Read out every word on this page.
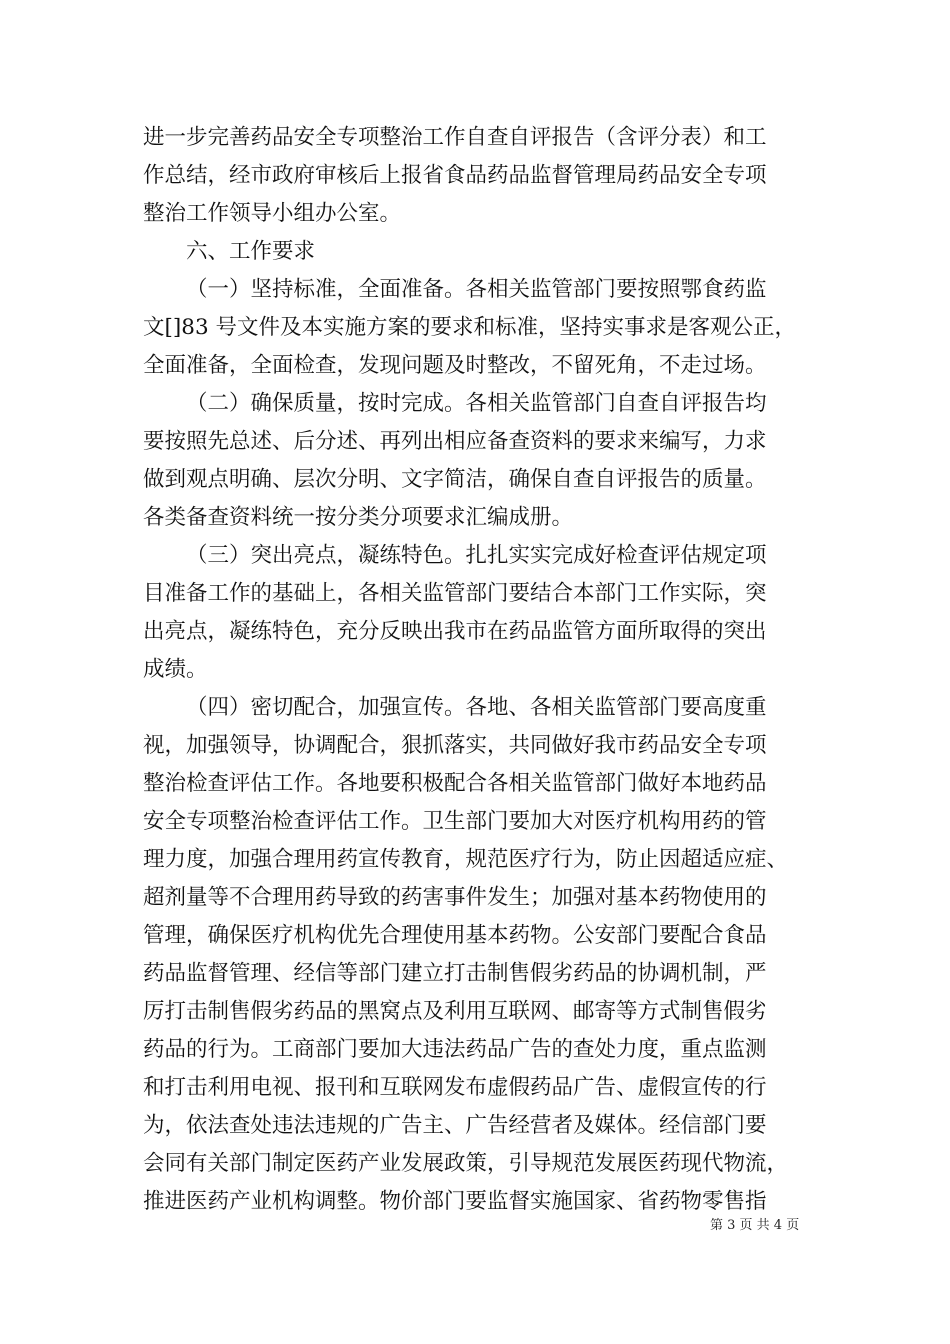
进一步完善药品安全专项整治工作自查自评报告（含评分表）和工
作总结，经市政府审核后上报省食品药品监督管理局药品安全专项
整治工作领导小组办公室。
六、工作要求
（一）坚持标准，全面准备。各相关监管部门要按照鄂食药监
文[]83 号文件及本实施方案的要求和标准，坚持实事求是客观公正，
全面准备，全面检查，发现问题及时整改，不留死角，不走过场。
（二）确保质量，按时完成。各相关监管部门自查自评报告均
要按照先总述、后分述、再列出相应备查资料的要求来编写，力求
做到观点明确、层次分明、文字简洁，确保自查自评报告的质量。
各类备查资料统一按分类分项要求汇编成册。
（三）突出亮点，凝练特色。扎扎实实完成好检查评估规定项
目准备工作的基础上，各相关监管部门要结合本部门工作实际，突
出亮点，凝练特色，充分反映出我市在药品监管方面所取得的突出
成绩。
（四）密切配合，加强宣传。各地、各相关监管部门要高度重
视，加强领导，协调配合，狠抓落实，共同做好我市药品安全专项
整治检查评估工作。各地要积极配合各相关监管部门做好本地药品
安全专项整治检查评估工作。卫生部门要加大对医疗机构用药的管
理力度，加强合理用药宣传教育，规范医疗行为，防止因超适应症、
超剂量等不合理用药导致的药害事件发生；加强对基本药物使用的
管理，确保医疗机构优先合理使用基本药物。公安部门要配合食品
药品监督管理、经信等部门建立打击制售假劣药品的协调机制，严
厉打击制售假劣药品的黑窝点及利用互联网、邮寄等方式制售假劣
药品的行为。工商部门要加大违法药品广告的查处力度，重点监测
和打击利用电视、报刊和互联网发布虚假药品广告、虚假宣传的行
为，依法查处违法违规的广告主、广告经营者及媒体。经信部门要
会同有关部门制定医药产业发展政策，引导规范发展医药现代物流，
推进医药产业机构调整。物价部门要监督实施国家、省药物零售指
第 3 页 共 4 页
